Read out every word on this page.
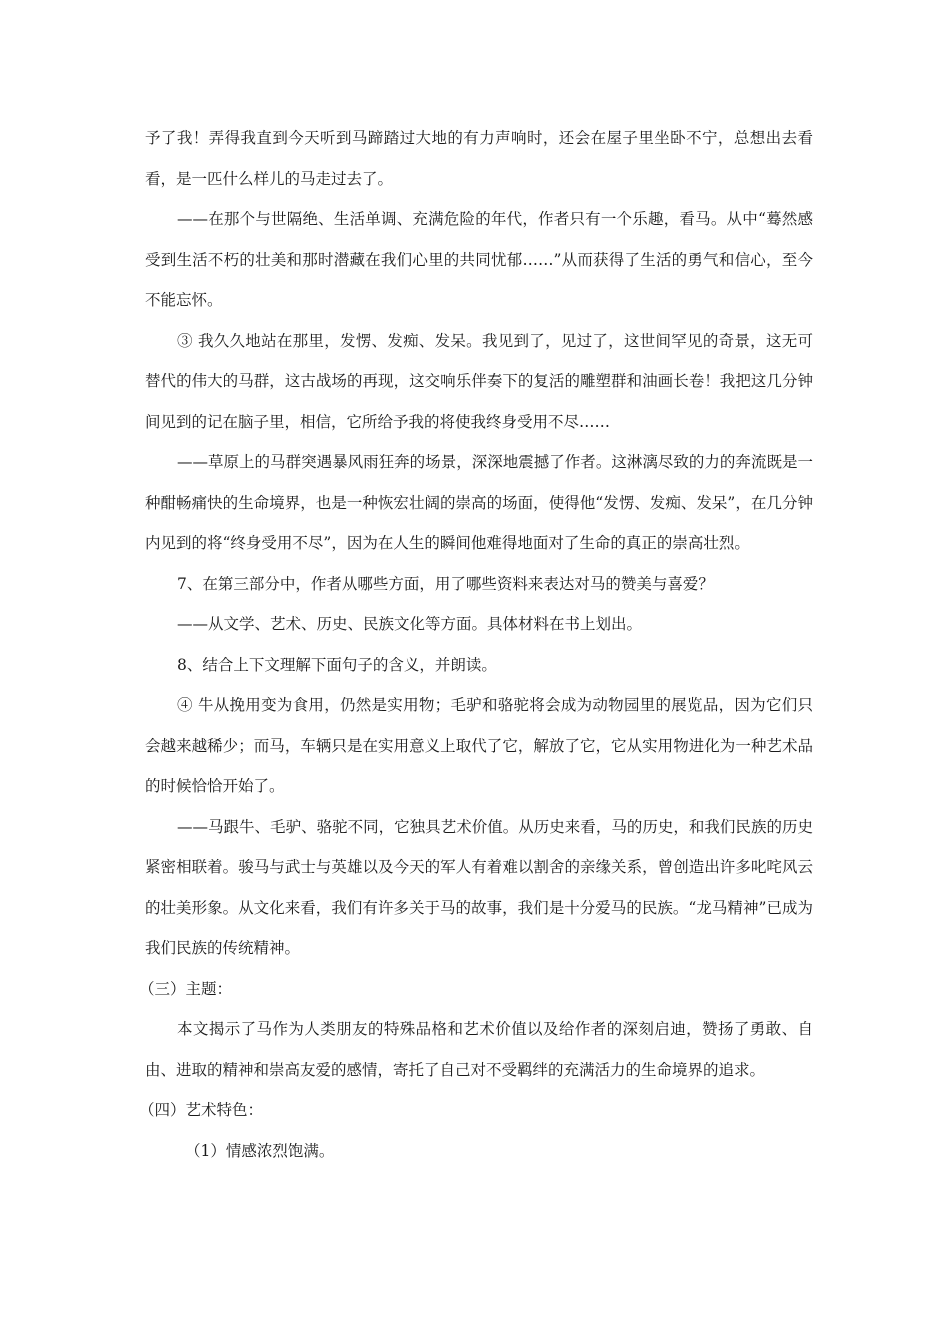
予了我！弄得我直到今天听到马蹄踏过大地的有力声响时，还会在屋子里坐卧不宁，总想出去看看，是一匹什么样儿的马走过去了。

——在那个与世隔绝、生活单调、充满危险的年代，作者只有一个乐趣，看马。从中“蓦然感受到生活不朽的壮美和那时潜藏在我们心里的共同忧郁……”从而获得了生活的勇气和信心，至今不能忘怀。

③ 我久久地站在那里，发愣、发痴、发呆。我见到了，见过了，这世间罕见的奇景，这无可替代的伟大的马群，这古战场的再现，这交响乐伴奏下的复活的雕塑群和油画长卷！我把这几分钟间见到的记在脑子里，相信，它所给予我的将使我终身受用不尽……

——草原上的马群突遇暴风雨狂奔的场景，深深地震撼了作者。这淋漓尽致的力的奔流既是一种酣畅痛快的生命境界，也是一种恢宏壮阔的崇高的场面，使得他“发愣、发痴、发呆”，在几分钟内见到的将“终身受用不尽”，因为在人生的瞬间他难得地面对了生命的真正的崇高壮烈。

7、在第三部分中，作者从哪些方面，用了哪些资料来表达对马的赞美与喜爱？

——从文学、艺术、历史、民族文化等方面。具体材料在书上划出。

8、结合上下文理解下面句子的含义，并朗读。

④ 牛从挽用变为食用，仍然是实用物；毛驴和骆驼将会成为动物园里的展览品，因为它们只会越来越稀少；而马，车辆只是在实用意义上取代了它，解放了它，它从实用物进化为一种艺术品的时候恰恰开始了。

——马跟牛、毛驴、骆驼不同，它独具艺术价值。从历史来看，马的历史，和我们民族的历史紧密相联着。骏马与武士与英雄以及今天的军人有着难以割舍的亲缘关系，曾创造出许多叱咤风云的壮美形象。从文化来看，我们有许多关于马的故事，我们是十分爱马的民族。“龙马精神”已成为我们民族的传统精神。

（三）主题：

本文揭示了马作为人类朋友的特殊品格和艺术价值以及给作者的深刻启迪，赞扬了勇敢、自由、进取的精神和崇高友爱的感情，寄托了自己对不受羁绊的充满活力的生命境界的追求。

（四）艺术特色：

（1）情感浓烈饱满。
